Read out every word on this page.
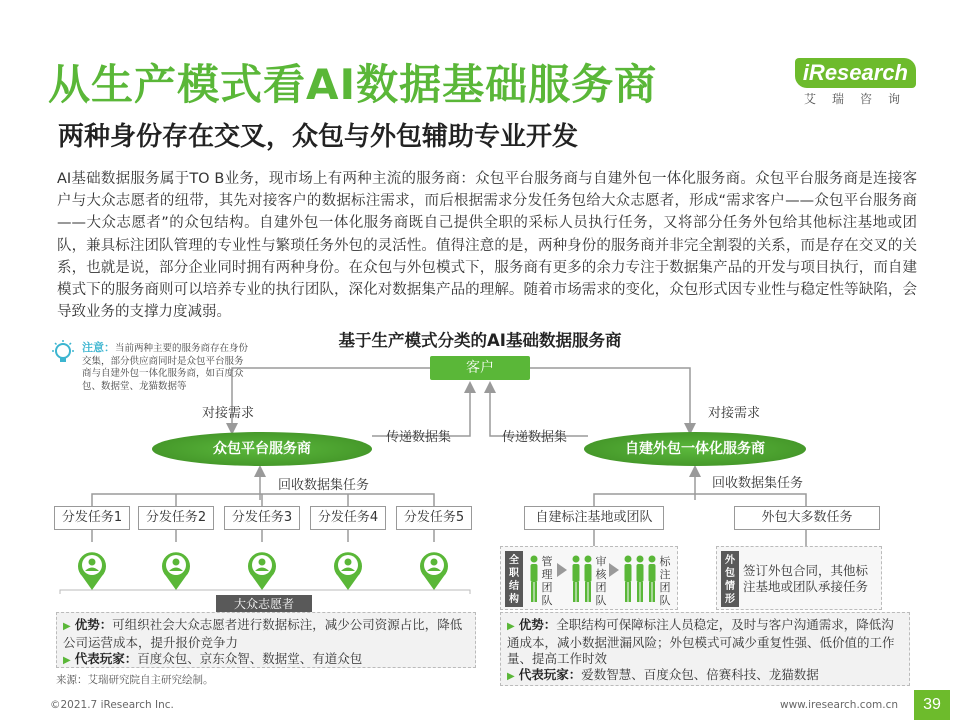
从生产模式看AI数据基础服务商
两种身份存在交叉，众包与外包辅助专业开发
iResearch
艾瑞咨询
AI基础数据服务属于TO B业务，现市场上有两种主流的服务商：众包平台服务商与自建外包一体化服务商。众包平台服务商是连接客户与大众志愿者的纽带，其先对接客户的数据标注需求，而后根据需求分发任务包给大众志愿者，形成“需求客户——众包平台服务商——大众志愿者”的众包结构。自建外包一体化服务商既自己提供全职的采标人员执行任务，又将部分任务外包给其他标注基地或团队，兼具标注团队管理的专业性与繁琐任务外包的灵活性。值得注意的是，两种身份的服务商并非完全割裂的关系，而是存在交叉的关系，也就是说，部分企业同时拥有两种身份。在众包与外包模式下，服务商有更多的余力专注于数据集产品的开发与项目执行，而自建模式下的服务商则可以培养专业的执行团队，深化对数据集产品的理解。随着市场需求的变化，众包形式因专业性与稳定性等缺陷，会导致业务的支撑力度减弱。
基于生产模式分类的AI基础数据服务商
注意：当前两种主要的服务商存在身份交集，部分供应商同时是众包平台服务商与自建外包一体化服务商，如百度众包、数据堂、龙猫数据等
客户
众包平台服务商	自建外包一体化服务商
对接需求	对接需求
传递数据集	传递数据集
回收数据集任务	回收数据集任务
分发任务1	分发任务2	分发任务3	分发任务4	分发任务5	自建标注基地或团队	外包大多数任务
大众志愿者
全职结构
管理团队
审核团队
标注团队
外包情形
签订外包合同，其他标注基地或团队承接任务
▶ 优势：可组织社会大众志愿者进行数据标注，减少公司资源占比，降低公司运营成本，提升报价竞争力
▶ 代表玩家：百度众包、京东众智、数据堂、有道众包
▶ 优势：全职结构可保障标注人员稳定，及时与客户沟通需求，降低沟通成本，减小数据泄漏风险；外包模式可减少重复性强、低价值的工作量、提高工作时效
▶ 代表玩家：爱数智慧、百度众包、倍赛科技、龙猫数据
来源：艾瑞研究院自主研究绘制。
©2021.7 iResearch Inc.	www.iresearch.com.cn	39
